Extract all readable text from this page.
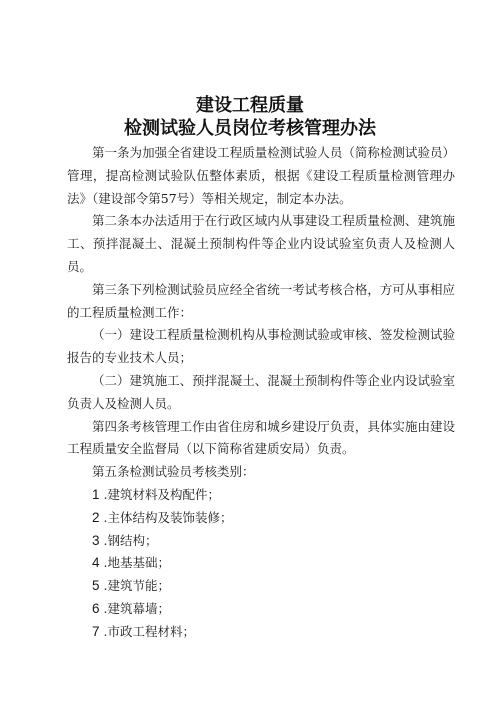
建设工程质量
检测试验人员岗位考核管理办法

第一条为加强全省建设工程质量检测试验人员（简称检测试验员）管理，提高检测试验队伍整体素质，根据《建设工程质量检测管理办法》（建设部令第57号）等相关规定，制定本办法。

第二条本办法适用于在行政区域内从事建设工程质量检测、建筑施工、预拌混凝土、混凝土预制构件等企业内设试验室负责人及检测人员。

第三条下列检测试验员应经全省统一考试考核合格，方可从事相应的工程质量检测工作：

（一）建设工程质量检测机构从事检测试验或审核、签发检测试验报告的专业技术人员；

（二）建筑施工、预拌混凝土、混凝土预制构件等企业内设试验室负责人及检测人员。

第四条考核管理工作由省住房和城乡建设厅负责，具体实施由建设工程质量安全监督局（以下简称省建质安局）负责。

第五条检测试验员考核类别：

1 .建筑材料及构配件；

2 .主体结构及装饰装修；

3 .钢结构；

4 .地基基础；

5 .建筑节能；

6 .建筑幕墙；

7 .市政工程材料；
